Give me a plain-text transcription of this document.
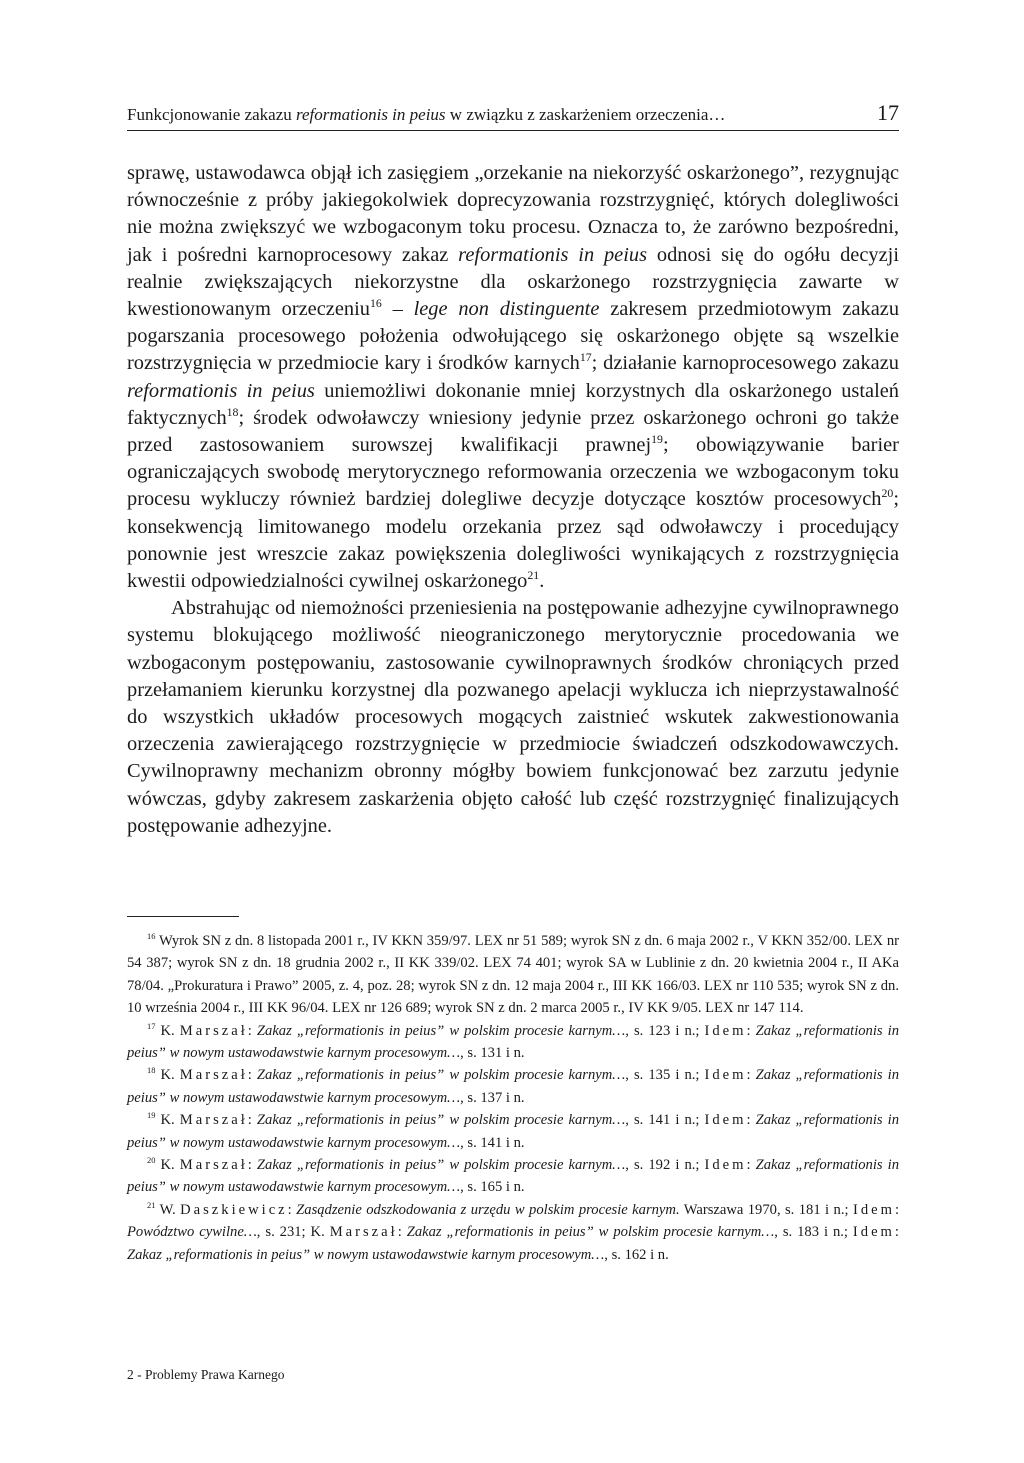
Funkcjonowanie zakazu reformationis in peius w związku z zaskarżeniem orzeczenia…	17

sprawę, ustawodawca objął ich zasięgiem „orzekanie na niekorzyść oskarżonego”, rezygnując równocześnie z próby jakiegokolwiek doprecyzowania rozstrzygnięć, których dolegliwości nie można zwiększyć we wzbogaconym toku procesu. Oznacza to, że zarówno bezpośredni, jak i pośredni karnoprocesowy zakaz reformationis in peius odnosi się do ogółu decyzji realnie zwiększających niekorzystne dla oskarżonego rozstrzygnięcia zawarte w kwestionowanym orzeczeniu$^{16}$ – lege non distinguente zakresem przedmiotowym zakazu pogarszania procesowego położenia odwołującego się oskarżonego objęte są wszelkie rozstrzygnięcia w przedmiocie kary i środków karnych$^{17}$; działanie karnoprocesowego zakazu reformationis in peius uniemożliwi dokonanie mniej korzystnych dla oskarżonego ustaleń faktycznych$^{18}$; środek odwoławczy wniesiony jedynie przez oskarżonego ochroni go także przed zastosowaniem surowszej kwalifikacji prawnej$^{19}$; obowiązywanie barier ograniczających swobodę merytorycznego reformowania orzeczenia we wzbogaconym toku procesu wykluczy również bardziej dolegliwe decyzje dotyczące kosztów procesowych$^{20}$; konsekwencją limitowanego modelu orzekania przez sąd odwoławczy i procedujący ponownie jest wreszcie zakaz powiększenia dolegliwości wynikających z rozstrzygnięcia kwestii odpowiedzialności cywilnej oskarżonego$^{21}$.

Abstrahując od niemożności przeniesienia na postępowanie adhezyjne cywilnoprawnego systemu blokującego możliwość nieograniczonego merytorycznie procedowania we wzbogaconym postępowaniu, zastosowanie cywilnoprawnych środków chroniących przed przełamaniem kierunku korzystnej dla pozwanego apelacji wyklucza ich nieprzystawalność do wszystkich układów procesowych mogących zaistnieć wskutek zakwestionowania orzeczenia zawierającego rozstrzygnięcie w przedmiocie świadczeń odszkodowawczych. Cywilnoprawny mechanizm obronny mógłby bowiem funkcjonować bez zarzutu jedynie wówczas, gdyby zakresem zaskarżenia objęto całość lub część rozstrzygnięć finalizujących postępowanie adhezyjne.

$^{16}$ Wyrok SN z dn. 8 listopada 2001 r., IV KKN 359/97. LEX nr 51 589; wyrok SN z dn. 6 maja 2002 r., V KKN 352/00. LEX nr 54 387; wyrok SN z dn. 18 grudnia 2002 r., II KK 339/02. LEX 74 401; wyrok SA w Lublinie z dn. 20 kwietnia 2004 r., II AKa 78/04. „Prokuratura i Prawo” 2005, z. 4, poz. 28; wyrok SN z dn. 12 maja 2004 r., III KK 166/03. LEX nr 110 535; wyrok SN z dn. 10 września 2004 r., III KK 96/04. LEX nr 126 689; wyrok SN z dn. 2 marca 2005 r., IV KK 9/05. LEX nr 147 114.

$^{17}$ K. Marszał: Zakaz „reformationis in peius” w polskim procesie karnym…, s. 123 i n.; Idem: Zakaz „reformationis in peius” w nowym ustawodawstwie karnym procesowym…, s. 131 i n.

$^{18}$ K. Marszał: Zakaz „reformationis in peius” w polskim procesie karnym…, s. 135 i n.; Idem: Zakaz „reformationis in peius” w nowym ustawodawstwie karnym procesowym…, s. 137 i n.

$^{19}$ K. Marszał: Zakaz „reformationis in peius” w polskim procesie karnym…, s. 141 i n.; Idem: Zakaz „reformationis in peius” w nowym ustawodawstwie karnym procesowym…, s. 141 i n.

$^{20}$ K. Marszał: Zakaz „reformationis in peius” w polskim procesie karnym…, s. 192 i n.; Idem: Zakaz „reformationis in peius” w nowym ustawodawstwie karnym procesowym…, s. 165 i n.

$^{21}$ W. Daszkiewicz: Zasądzenie odszkodowania z urzędu w polskim procesie karnym. Warszawa 1970, s. 181 i n.; Idem: Powództwo cywilne…, s. 231; K. Marszał: Zakaz „reformationis in peius” w polskim procesie karnym…, s. 183 i n.; Idem: Zakaz „reformationis in peius” w nowym ustawodawstwie karnym procesowym…, s. 162 i n.

2 - Problemy Prawa Karnego
